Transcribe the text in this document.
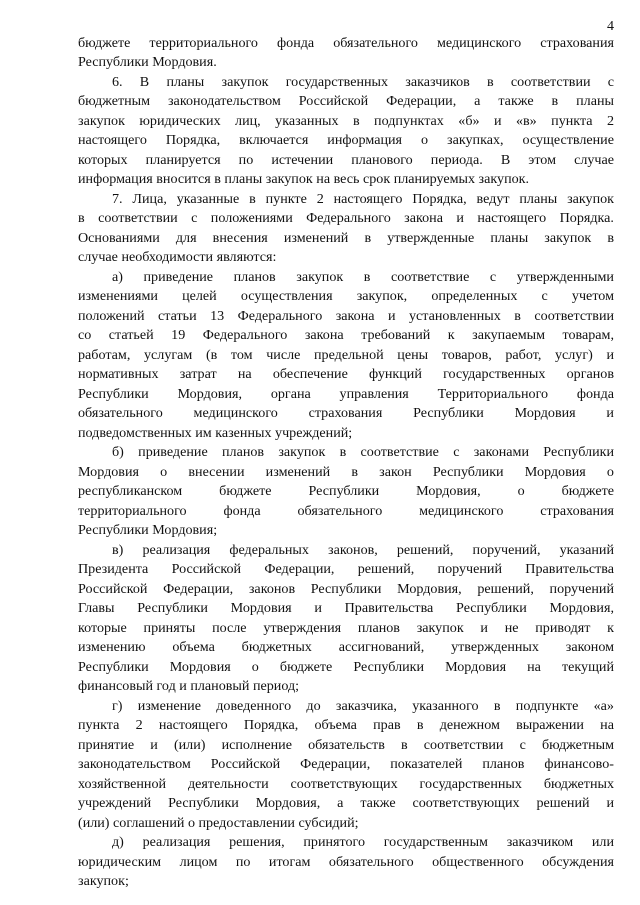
4
бюджете территориального фонда обязательного медицинского страхования
Республики Мордовия.
6. В планы закупок государственных заказчиков в соответствии с
бюджетным законодательством Российской Федерации, а также в планы
закупок юридических лиц, указанных в подпунктах «б» и «в» пункта 2
настоящего Порядка, включается информация о закупках, осуществление
которых планируется по истечении планового периода. В этом случае
информация вносится в планы закупок на весь срок планируемых закупок.
7. Лица, указанные в пункте 2 настоящего Порядка, ведут планы закупок
в соответствии с положениями Федерального закона и настоящего Порядка.
Основаниями для внесения изменений в утвержденные планы закупок в
случае необходимости являются:
а) приведение планов закупок в соответствие с утвержденными
изменениями целей осуществления закупок, определенных с учетом
положений статьи 13 Федерального закона и установленных в соответствии
со статьей 19 Федерального закона требований к закупаемым товарам,
работам, услугам (в том числе предельной цены товаров, работ, услуг) и
нормативных затрат на обеспечение функций государственных органов
Республики Мордовия, органа управления Территориального фонда
обязательного медицинского страхования Республики Мордовия и
подведомственных им казенных учреждений;
б) приведение планов закупок в соответствие с законами Республики
Мордовия о внесении изменений в закон Республики Мордовия о
республиканском бюджете Республики Мордовия, о бюджете
территориального фонда обязательного медицинского страхования
Республики Мордовия;
в) реализация федеральных законов, решений, поручений, указаний
Президента Российской Федерации, решений, поручений Правительства
Российской Федерации, законов Республики Мордовия, решений, поручений
Главы Республики Мордовия и Правительства Республики Мордовия,
которые приняты после утверждения планов закупок и не приводят к
изменению объема бюджетных ассигнований, утвержденных законом
Республики Мордовия о бюджете Республики Мордовия на текущий
финансовый год и плановый период;
г) изменение доведенного до заказчика, указанного в подпункте «а»
пункта 2 настоящего Порядка, объема прав в денежном выражении на
принятие и (или) исполнение обязательств в соответствии с бюджетным
законодательством Российской Федерации, показателей планов финансово-
хозяйственной деятельности соответствующих государственных бюджетных
учреждений Республики Мордовия, а также соответствующих решений и
(или) соглашений о предоставлении субсидий;
д) реализация решения, принятого государственным заказчиком или
юридическим лицом по итогам обязательного общественного обсуждения
закупок;
